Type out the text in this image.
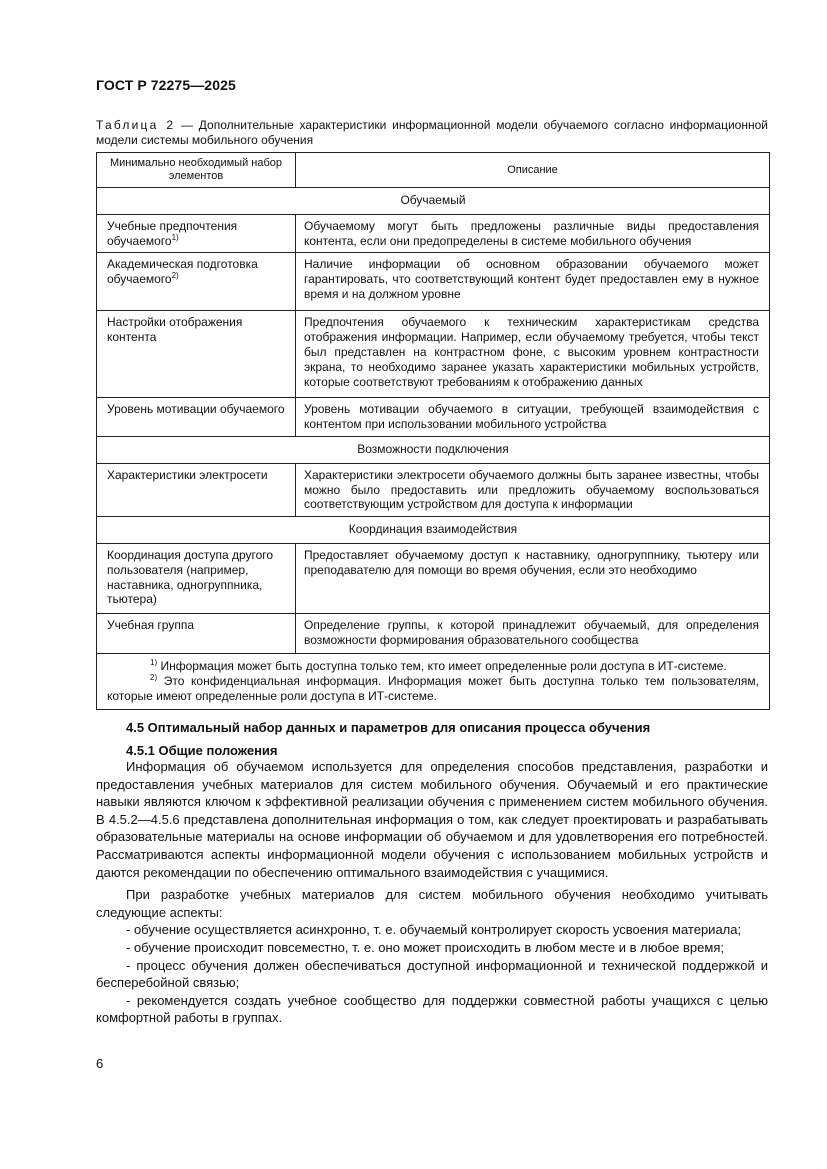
ГОСТ Р 72275—2025
Таблица 2 — Дополнительные характеристики информационной модели обучаемого согласно информационной модели системы мобильного обучения
Минимально необходимый набор элементов	Описание
Обучаемый	
Учебные предпочтения обучаемого$^{1)}$	Обучаемому могут быть предложены различные виды предоставления контента, если они предопределены в системе мобильного обучения
Академическая подготовка обучаемого$^{2)}$	Наличие информации об основном образовании обучаемого может гарантировать, что соответствующий контент будет предоставлен ему в нужное время и на должном уровне
Настройки отображения контента	Предпочтения обучаемого к техническим характеристикам средства отображения информации. Например, если обучаемому требуется, чтобы текст был представлен на контрастном фоне, с высоким уровнем контрастности экрана, то необходимо заранее указать характеристики мобильных устройств, которые соответствуют требованиям к отображению данных
Уровень мотивации обучаемого	Уровень мотивации обучаемого в ситуации, требующей взаимодействия с контентом при использовании мобильного устройства
Возможности подключения	
Характеристики электросети	Характеристики электросети обучаемого должны быть заранее известны, чтобы можно было предоставить или предложить обучаемому воспользоваться соответствующим устройством для доступа к информации
Координация взаимодействия	
Координация доступа другого пользователя (например, наставника, одногруппника, тьютера)	Предоставляет обучаемому доступ к наставнику, одногруппнику, тьютеру или преподавателю для помощи во время обучения, если это необходимо
Учебная группа	Определение группы, к которой принадлежит обучаемый, для определения возможности формирования образовательного сообщества

$^{1)}$ Информация может быть доступна только тем, кто имеет определенные роли доступа в ИТ-системе.
$^{2)}$ Это конфиденциальная информация. Информация может быть доступна только тем пользователям, которые имеют определенные роли доступа в ИТ-системе.	
4.5 Оптимальный набор данных и параметров для описания процесса обучения
4.5.1 Общие положения

Информация об обучаемом используется для определения способов представления, разработки и предоставления учебных материалов для систем мобильного обучения. Обучаемый и его практические навыки являются ключом к эффективной реализации обучения с применением систем мобильного обучения. В 4.5.2—4.5.6 представлена дополнительная информация о том, как следует проектировать и разрабатывать образовательные материалы на основе информации об обучаемом и для удовлетворения его потребностей. Рассматриваются аспекты информационной модели обучения с использованием мобильных устройств и даются рекомендации по обеспечению оптимального взаимодействия с учащимися.

При разработке учебных материалов для систем мобильного обучения необходимо учитывать следующие аспекты:

- обучение осуществляется асинхронно, т. е. обучаемый контролирует скорость усвоения материала;

- обучение происходит повсеместно, т. е. оно может происходить в любом месте и в любое время;

- процесс обучения должен обеспечиваться доступной информационной и технической поддержкой и бесперебойной связью;

- рекомендуется создать учебное сообщество для поддержки совместной работы учащихся с целью комфортной работы в группах.

6
